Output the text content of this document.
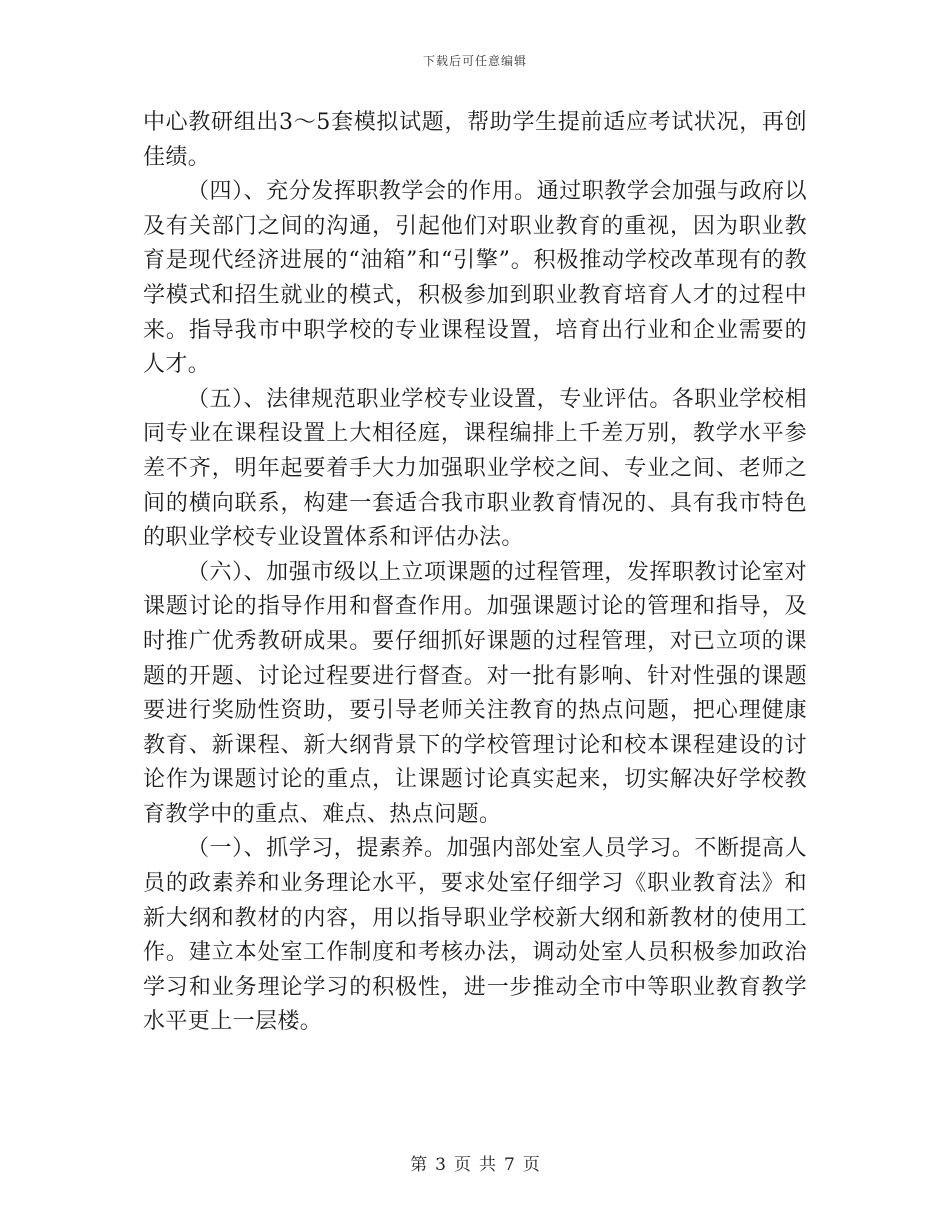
下载后可任意编辑

中心教研组出3～5套模拟试题，帮助学生提前适应考试状况，再创佳绩。

（四）、充分发挥职教学会的作用。通过职教学会加强与政府以及有关部门之间的沟通，引起他们对职业教育的重视，因为职业教育是现代经济进展的“油箱”和“引擎”。积极推动学校改革现有的教学模式和招生就业的模式，积极参加到职业教育培育人才的过程中来。指导我市中职学校的专业课程设置，培育出行业和企业需要的人才。

（五）、法律规范职业学校专业设置，专业评估。各职业学校相同专业在课程设置上大相径庭，课程编排上千差万别，教学水平参差不齐，明年起要着手大力加强职业学校之间、专业之间、老师之间的横向联系，构建一套适合我市职业教育情况的、具有我市特色的职业学校专业设置体系和评估办法。

（六）、加强市级以上立项课题的过程管理，发挥职教讨论室对课题讨论的指导作用和督查作用。加强课题讨论的管理和指导，及时推广优秀教研成果。要仔细抓好课题的过程管理，对已立项的课题的开题、讨论过程要进行督查。对一批有影响、针对性强的课题要进行奖励性资助，要引导老师关注教育的热点问题，把心理健康教育、新课程、新大纲背景下的学校管理讨论和校本课程建设的讨论作为课题讨论的重点，让课题讨论真实起来，切实解决好学校教育教学中的重点、难点、热点问题。

（一）、抓学习，提素养。加强内部处室人员学习。不断提高人员的政素养和业务理论水平，要求处室仔细学习《职业教育法》和新大纲和教材的内容，用以指导职业学校新大纲和新教材的使用工作。建立本处室工作制度和考核办法，调动处室人员积极参加政治学习和业务理论学习的积极性，进一步推动全市中等职业教育教学水平更上一层楼。

第 3 页 共 7 页
